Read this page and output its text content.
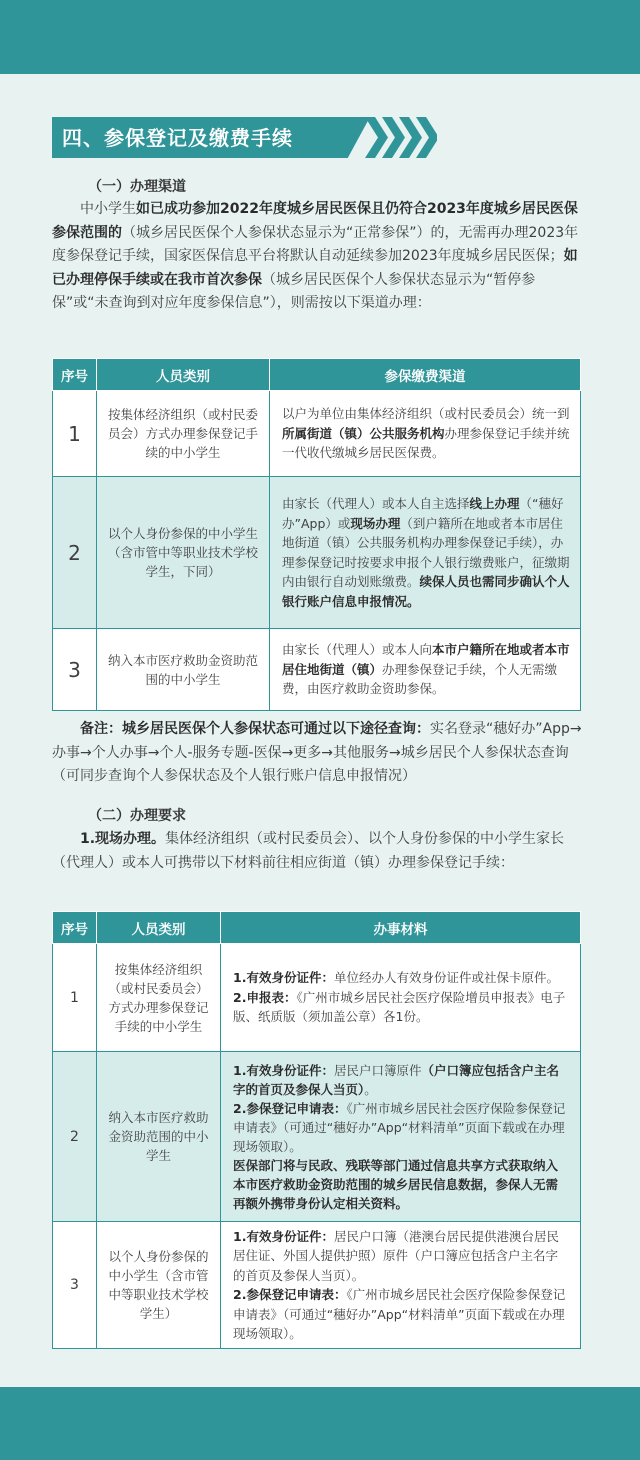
四、参保登记及缴费手续
（一）办理渠道
中小学生如已成功参加2022年度城乡居民医保且仍符合2023年度城乡居民医保参保范围的（城乡居民医保个人参保状态显示为“正常参保”）的，无需再办理2023年度参保登记手续，国家医保信息平台将默认自动延续参加2023年度城乡居民医保；如已办理停保手续或在我市首次参保（城乡居民医保个人参保状态显示为“暂停参保”或“未查询到对应年度参保信息”），则需按以下渠道办理：
序号	人员类别	参保缴费渠道
1	按集体经济组织（或村民委员会）方式办理参保登记手续的中小学生	以户为单位由集体经济组织（或村民委员会）统一到所属街道（镇）公共服务机构办理参保登记手续并统一代收代缴城乡居民医保费。
2	以个人身份参保的中小学生（含市管中等职业技术学校学生，下同）	由家长（代理人）或本人自主选择线上办理（“穗好办”App）或现场办理（到户籍所在地或者本市居住地街道（镇）公共服务机构办理参保登记手续），办理参保登记时按要求申报个人银行缴费账户，征缴期内由银行自动划账缴费。续保人员也需同步确认个人银行账户信息申报情况。
3	纳入本市医疗救助金资助范围的中小学生	由家长（代理人）或本人向本市户籍所在地或者本市居住地街道（镇）办理参保登记手续，个人无需缴费，由医疗救助金资助参保。
备注：城乡居民医保个人参保状态可通过以下途径查询：实名登录“穗好办”App→办事→个人办事→个人-服务专题-医保→更多→其他服务→城乡居民个人参保状态查询（可同步查询个人参保状态及个人银行账户信息申报情况）
（二）办理要求
1.现场办理。集体经济组织（或村民委员会）、以个人身份参保的中小学生家长（代理人）或本人可携带以下材料前往相应街道（镇）办理参保登记手续：
序号	人员类别	办事材料
1	按集体经济组织（或村民委员会）方式办理参保登记手续的中小学生	1.有效身份证件：单位经办人有效身份证件或社保卡原件。
2.申报表：《广州市城乡居民社会医疗保险增员申报表》电子版、纸质版（须加盖公章）各1份。

2	纳入本市医疗救助金资助范围的中小学生	1.有效身份证件：居民户口簿原件（户口簿应包括含户主名字的首页及参保人当页）。
2.参保登记申请表：《广州市城乡居民社会医疗保险参保登记申请表》（可通过“穗好办”App“材料清单”页面下载或在办理现场领取）。
医保部门将与民政、残联等部门通过信息共享方式获取纳入本市医疗救助金资助范围的城乡居民信息数据，参保人无需再额外携带身份认定相关资料。

3	以个人身份参保的中小学生（含市管中等职业技术学校学生）	1.有效身份证件：居民户口簿（港澳台居民提供港澳台居民居住证、外国人提供护照）原件（户口簿应包括含户主名字的首页及参保人当页）。
2.参保登记申请表：《广州市城乡居民社会医疗保险参保登记申请表》（可通过“穗好办”App“材料清单”页面下载或在办理现场领取）。
